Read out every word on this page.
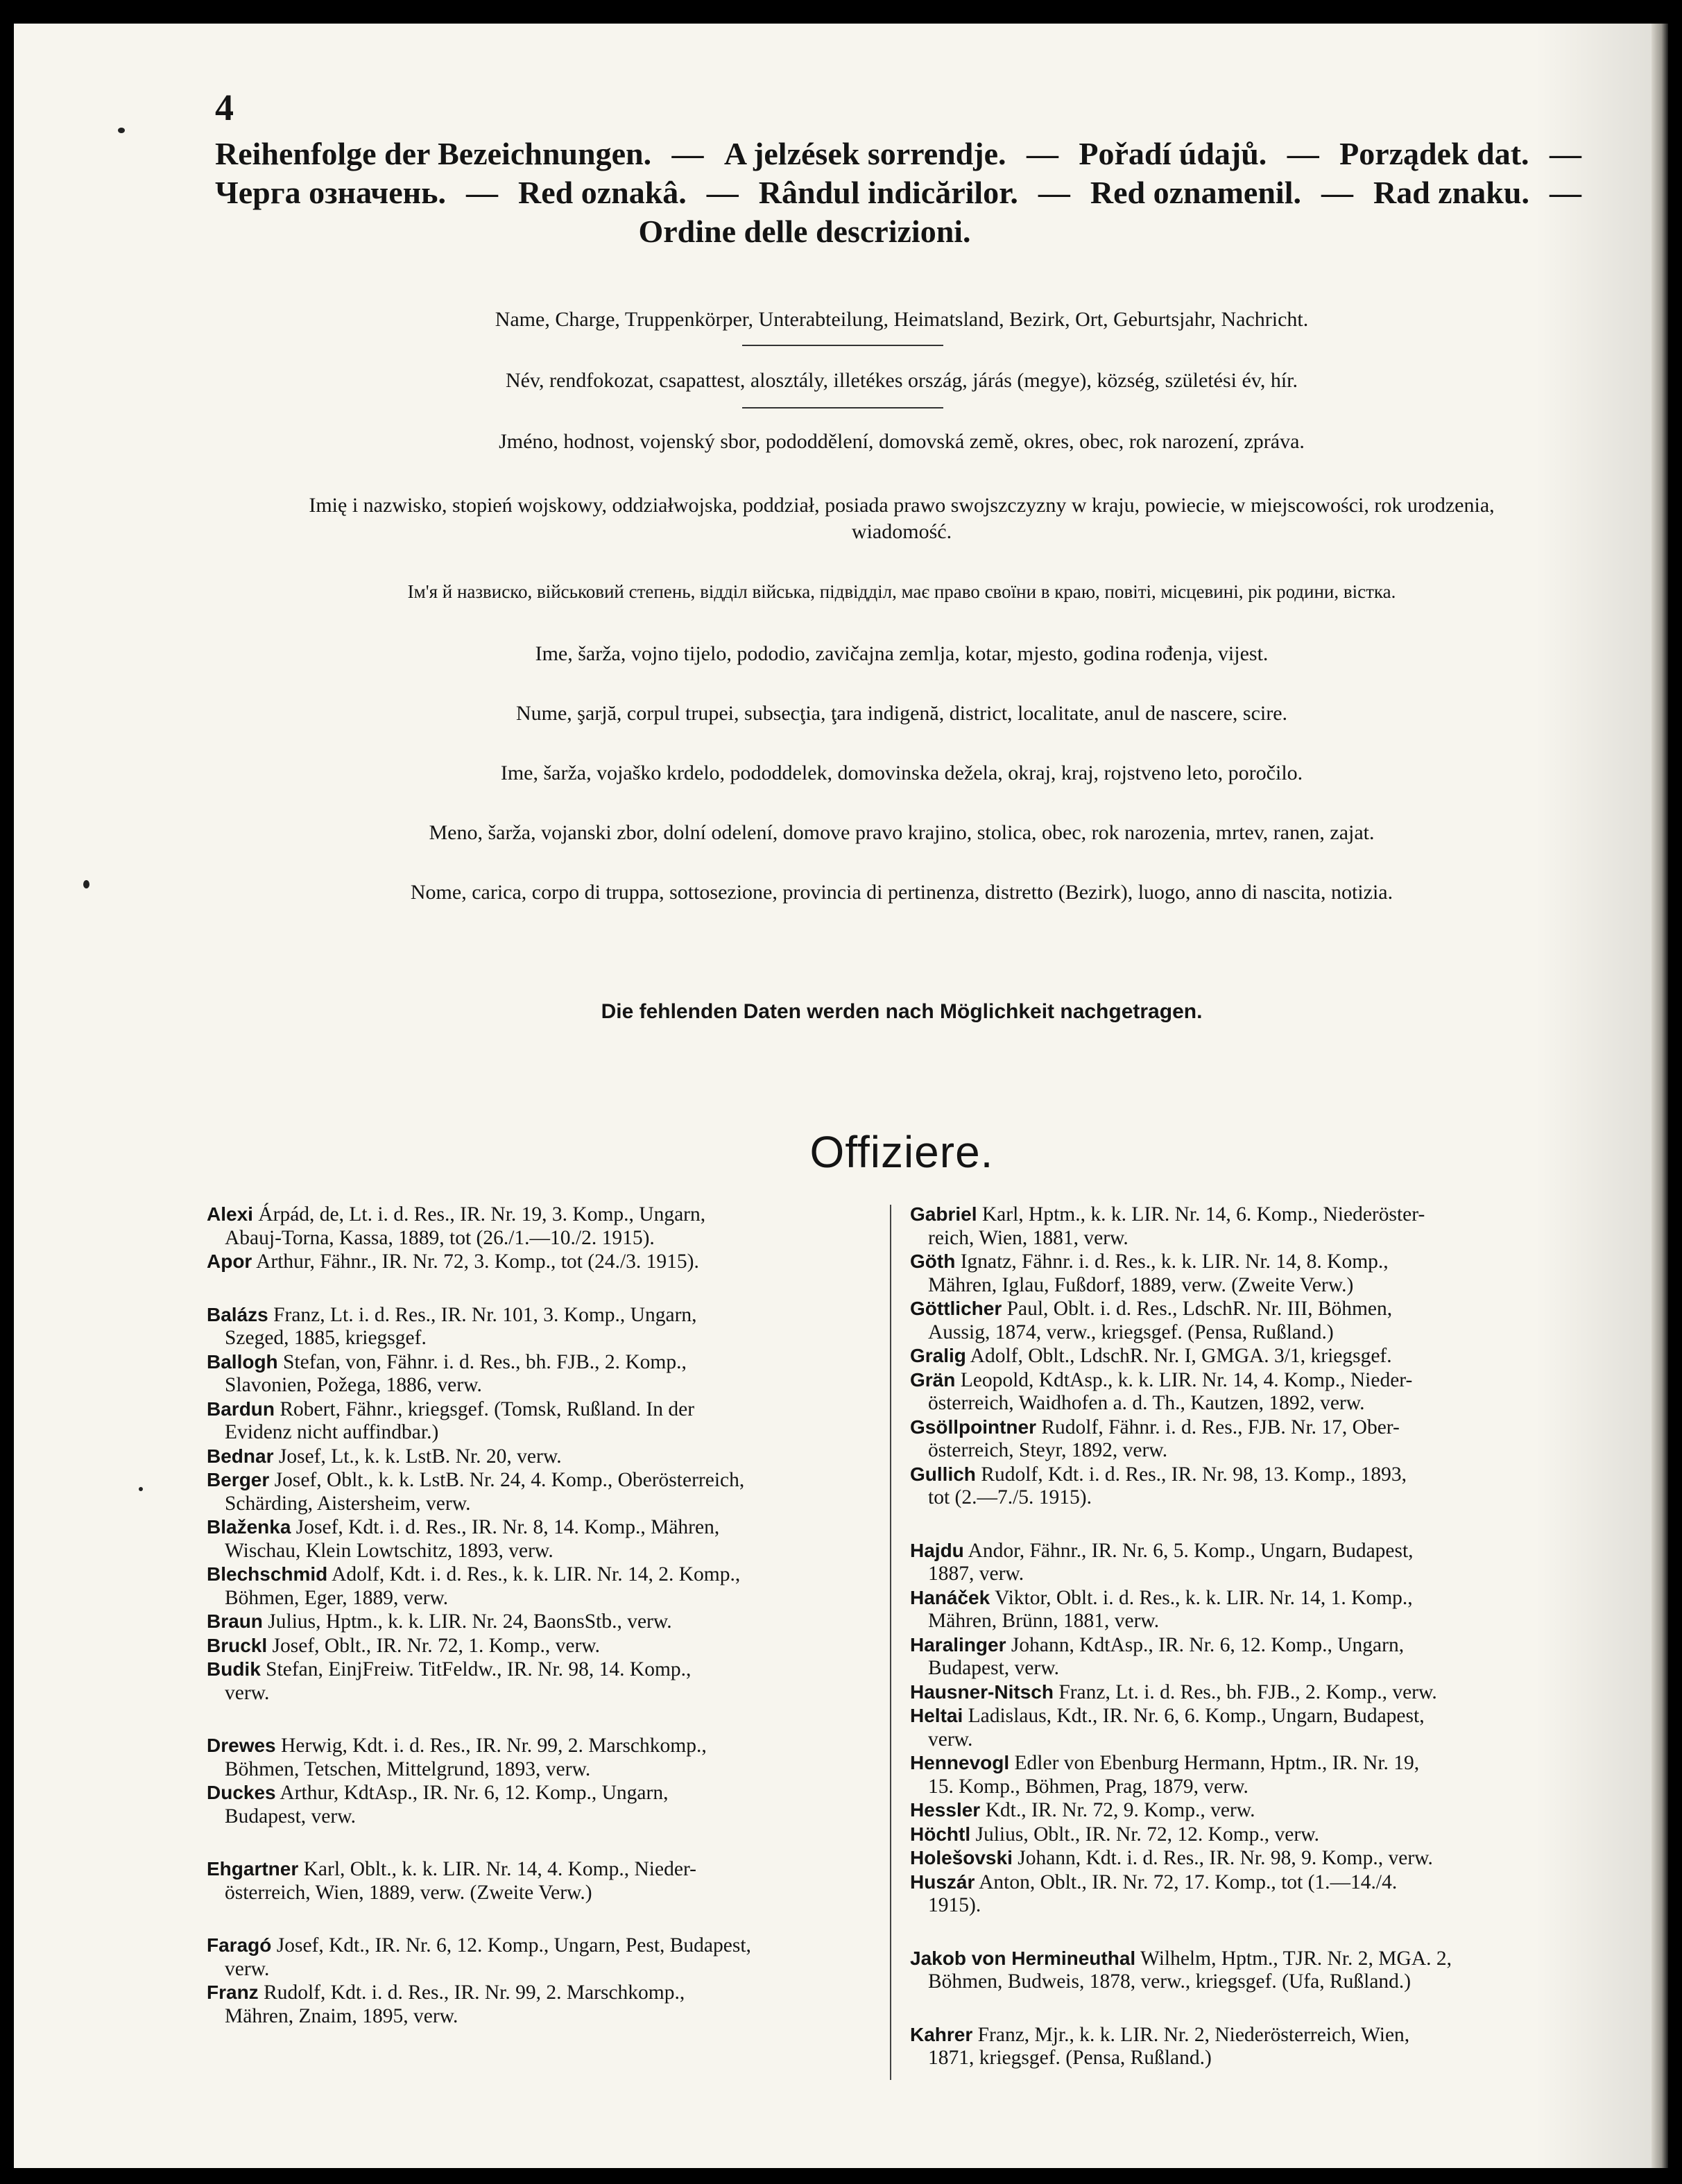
4
Reihenfolge der Bezeichnungen. — A jelzések sorrendje. — Pořadí údajů. — Porządek dat. —
Черга означень. — Red oznakâ. — Rândul indicărilor. — Red oznamenil. — Rad znaku. —
Ordine delle descrizioni.
Name, Charge, Truppenkörper, Unterabteilung, Heimatsland, Bezirk, Ort, Geburtsjahr, Nachricht.
Név, rendfokozat, csapattest, alosztály, illetékes ország, járás (megye), község, születési év, hír.
Jméno, hodnost, vojenský sbor, pododdělení, domovská země, okres, obec, rok narození, zpráva.
Imię i nazwisko, stopień wojskowy, oddziałwojska, poddział, posiada prawo swojszczyzny w kraju, powiecie, w miejscowości, rok urodzenia, wiadomość.
Ім'я й назвиско, військовий степень, відділ війська, підвідділ, має право своїни в краю, повіті, місцевині, рік родини, вістка.
Ime, šarža, vojno tijelo, pododio, zavičajna zemlja, kotar, mjesto, godina rođenja, vijest.
Nume, şarjă, corpul trupei, subsecţia, ţara indigenă, district, localitate, anul de nascere, scire.
Ime, šarža, vojaško krdelo, pododdelek, domovinska dežela, okraj, kraj, rojstveno leto, poročilo.
Meno, šarža, vojanski zbor, dolní odelení, domove pravo krajino, stolica, obec, rok narozenia, mrtev, ranen, zajat.
Nome, carica, corpo di truppa, sottosezione, provincia di pertinenza, distretto (Bezirk), luogo, anno di nascita, notizia.
Die fehlenden Daten werden nach Möglichkeit nachgetragen.
Offiziere.
Alexi Árpád, de, Lt. i. d. Res., IR. Nr. 19, 3. Komp., Ungarn,
Abauj-Torna, Kassa, 1889, tot (26./1.—10./2. 1915).
Apor Arthur, Fähnr., IR. Nr. 72, 3. Komp., tot (24./3. 1915).
Balázs Franz, Lt. i. d. Res., IR. Nr. 101, 3. Komp., Ungarn,
Szeged, 1885, kriegsgef.
Ballogh Stefan, von, Fähnr. i. d. Res., bh. FJB., 2. Komp.,
Slavonien, Požega, 1886, verw.
Bardun Robert, Fähnr., kriegsgef. (Tomsk, Rußland. In der
Evidenz nicht auffindbar.)
Bednar Josef, Lt., k. k. LstB. Nr. 20, verw.
Berger Josef, Oblt., k. k. LstB. Nr. 24, 4. Komp., Oberösterreich,
Schärding, Aistersheim, verw.
Blaženka Josef, Kdt. i. d. Res., IR. Nr. 8, 14. Komp., Mähren,
Wischau, Klein Lowtschitz, 1893, verw.
Blechschmid Adolf, Kdt. i. d. Res., k. k. LIR. Nr. 14, 2. Komp.,
Böhmen, Eger, 1889, verw.
Braun Julius, Hptm., k. k. LIR. Nr. 24, BaonsStb., verw.
Bruckl Josef, Oblt., IR. Nr. 72, 1. Komp., verw.
Budik Stefan, EinjFreiw. TitFeldw., IR. Nr. 98, 14. Komp.,
verw.
Drewes Herwig, Kdt. i. d. Res., IR. Nr. 99, 2. Marschkomp.,
Böhmen, Tetschen, Mittelgrund, 1893, verw.
Duckes Arthur, KdtAsp., IR. Nr. 6, 12. Komp., Ungarn,
Budapest, verw.
Ehgartner Karl, Oblt., k. k. LIR. Nr. 14, 4. Komp., Nieder-
österreich, Wien, 1889, verw. (Zweite Verw.)
Faragó Josef, Kdt., IR. Nr. 6, 12. Komp., Ungarn, Pest, Budapest,
verw.
Franz Rudolf, Kdt. i. d. Res., IR. Nr. 99, 2. Marschkomp.,
Mähren, Znaim, 1895, verw.
Gabriel Karl, Hptm., k. k. LIR. Nr. 14, 6. Komp., Niederöster-
reich, Wien, 1881, verw.
Göth Ignatz, Fähnr. i. d. Res., k. k. LIR. Nr. 14, 8. Komp.,
Mähren, Iglau, Fußdorf, 1889, verw. (Zweite Verw.)
Göttlicher Paul, Oblt. i. d. Res., LdschR. Nr. III, Böhmen,
Aussig, 1874, verw., kriegsgef. (Pensa, Rußland.)
Gralig Adolf, Oblt., LdschR. Nr. I, GMGA. 3/1, kriegsgef.
Grän Leopold, KdtAsp., k. k. LIR. Nr. 14, 4. Komp., Nieder-
österreich, Waidhofen a. d. Th., Kautzen, 1892, verw.
Gsöllpointner Rudolf, Fähnr. i. d. Res., FJB. Nr. 17, Ober-
österreich, Steyr, 1892, verw.
Gullich Rudolf, Kdt. i. d. Res., IR. Nr. 98, 13. Komp., 1893,
tot (2.—7./5. 1915).
Hajdu Andor, Fähnr., IR. Nr. 6, 5. Komp., Ungarn, Budapest,
1887, verw.
Hanáček Viktor, Oblt. i. d. Res., k. k. LIR. Nr. 14, 1. Komp.,
Mähren, Brünn, 1881, verw.
Haralinger Johann, KdtAsp., IR. Nr. 6, 12. Komp., Ungarn,
Budapest, verw.
Hausner-Nitsch Franz, Lt. i. d. Res., bh. FJB., 2. Komp., verw.
Heltai Ladislaus, Kdt., IR. Nr. 6, 6. Komp., Ungarn, Budapest,
verw.
Hennevogl Edler von Ebenburg Hermann, Hptm., IR. Nr. 19,
15. Komp., Böhmen, Prag, 1879, verw.
Hessler Kdt., IR. Nr. 72, 9. Komp., verw.
Höchtl Julius, Oblt., IR. Nr. 72, 12. Komp., verw.
Holešovski Johann, Kdt. i. d. Res., IR. Nr. 98, 9. Komp., verw.
Huszár Anton, Oblt., IR. Nr. 72, 17. Komp., tot (1.—14./4.
1915).
Jakob von Hermineuthal Wilhelm, Hptm., TJR. Nr. 2, MGA. 2,
Böhmen, Budweis, 1878, verw., kriegsgef. (Ufa, Rußland.)
Kahrer Franz, Mjr., k. k. LIR. Nr. 2, Niederösterreich, Wien,
1871, kriegsgef. (Pensa, Rußland.)
